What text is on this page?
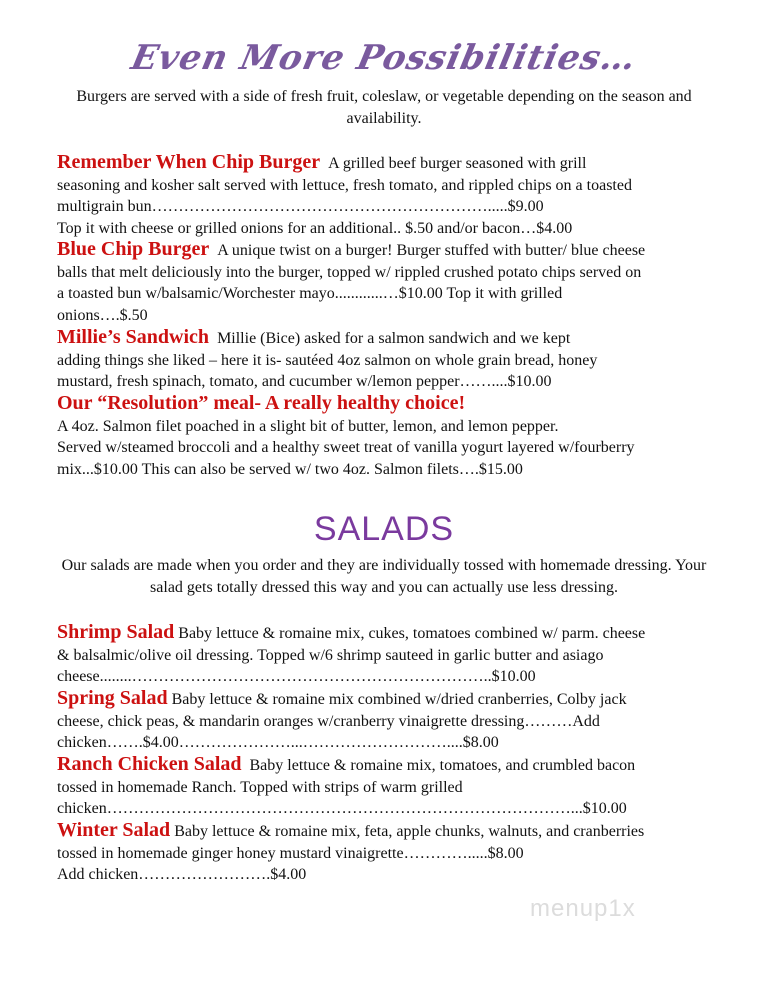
Even More Possibilities…
Burgers are served with a side of fresh fruit, coleslaw, or vegetable depending on the season and availability.
Remember When Chip Burger A grilled beef burger seasoned with grill
seasoning and kosher salt served with lettuce, fresh tomato, and rippled chips on a toasted
multigrain bun……………………………………………………….....$9.00
Top it with cheese or grilled onions for an additional.. $.50 and/or bacon…$4.00
Blue Chip Burger A unique twist on a burger! Burger stuffed with butter/ blue cheese
balls that melt deliciously into the burger, topped w/ rippled crushed potato chips served on
a toasted bun w/balsamic/Worchester mayo............…$10.00 Top it with grilled
onions….$.50
Millie’s Sandwich Millie (Bice) asked for a salmon sandwich and we kept
adding things she liked – here it is- sautéed 4oz salmon on whole grain bread, honey
mustard, fresh spinach, tomato, and cucumber w/lemon pepper……....$10.00
Our “Resolution” meal- A really healthy choice!
A 4oz. Salmon filet poached in a slight bit of butter, lemon, and lemon pepper.
Served w/steamed broccoli and a healthy sweet treat of vanilla yogurt layered w/fourberry
mix...$10.00 This can also be served w/ two 4oz. Salmon filets….$15.00
SALADS
Our salads are made when you order and they are individually tossed with homemade dressing. Your salad gets totally dressed this way and you can actually use less dressing.
Shrimp Salad Baby lettuce & romaine mix, cukes, tomatoes combined w/ parm. cheese
& balsalmic/olive oil dressing. Topped w/6 shrimp sauteed in garlic butter and asiago
cheese........…………………………………………………………..$10.00
Spring Salad Baby lettuce & romaine mix combined w/dried cranberries, Colby jack
cheese, chick peas, & mandarin oranges w/cranberry vinaigrette dressing………Add
chicken…….$4.00…………………...………………………....$8.00
Ranch Chicken Salad Baby lettuce & romaine mix, tomatoes, and crumbled bacon
tossed in homemade Ranch. Topped with strips of warm grilled
chicken……………………………………………………………………………...$10.00
Winter Salad Baby lettuce & romaine mix, feta, apple chunks, walnuts, and cranberries
tossed in homemade ginger honey mustard vinaigrette………….....$8.00
Add chicken…………………….$4.00
menup1x
